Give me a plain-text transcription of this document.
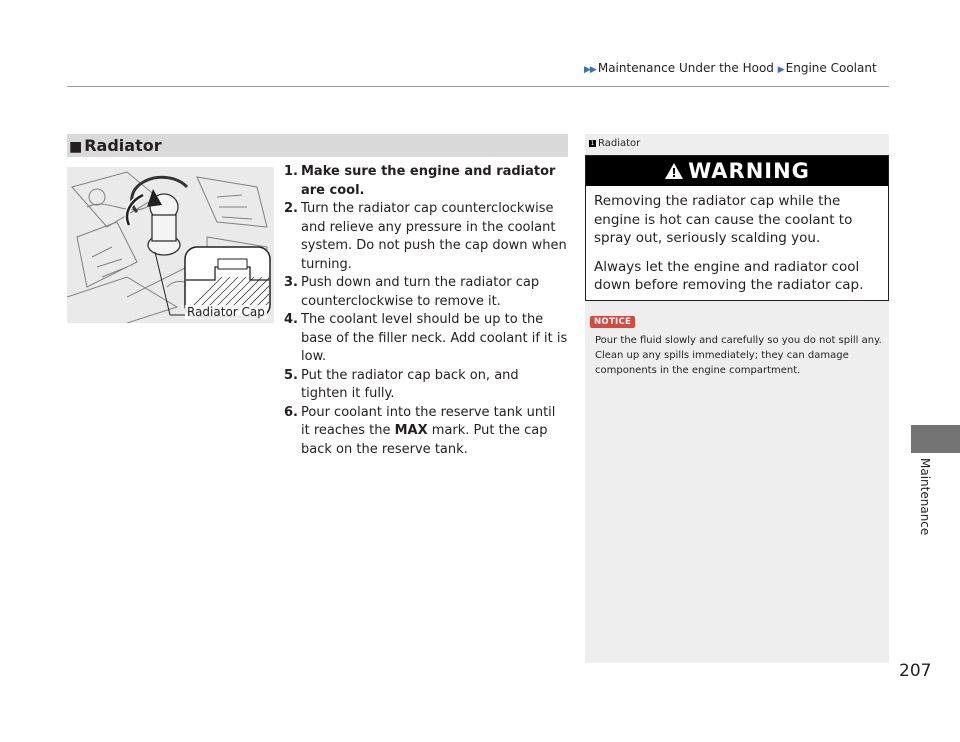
▶▶ Maintenance Under the Hood ▶ Engine Coolant
■ Radiator
Radiator Cap
1. Make sure the engine and radiator are cool.
2. Turn the radiator cap counterclockwise and relieve any pressure in the coolant system. Do not push the cap down when turning.
3. Push down and turn the radiator cap counterclockwise to remove it.
4. The coolant level should be up to the base of the filler neck. Add coolant if it is low.
5. Put the radiator cap back on, and tighten it fully.
6. Pour coolant into the reserve tank until it reaches the MAX mark. Put the cap back on the reserve tank.
1 Radiator
WARNING

Removing the radiator cap while the engine is hot can cause the coolant to spray out, seriously scalding you.

Always let the engine and radiator cool down before removing the radiator cap.

NOTICE

Pour the fluid slowly and carefully so you do not spill any. Clean up any spills immediately; they can damage components in the engine compartment.

Maintenance
207
